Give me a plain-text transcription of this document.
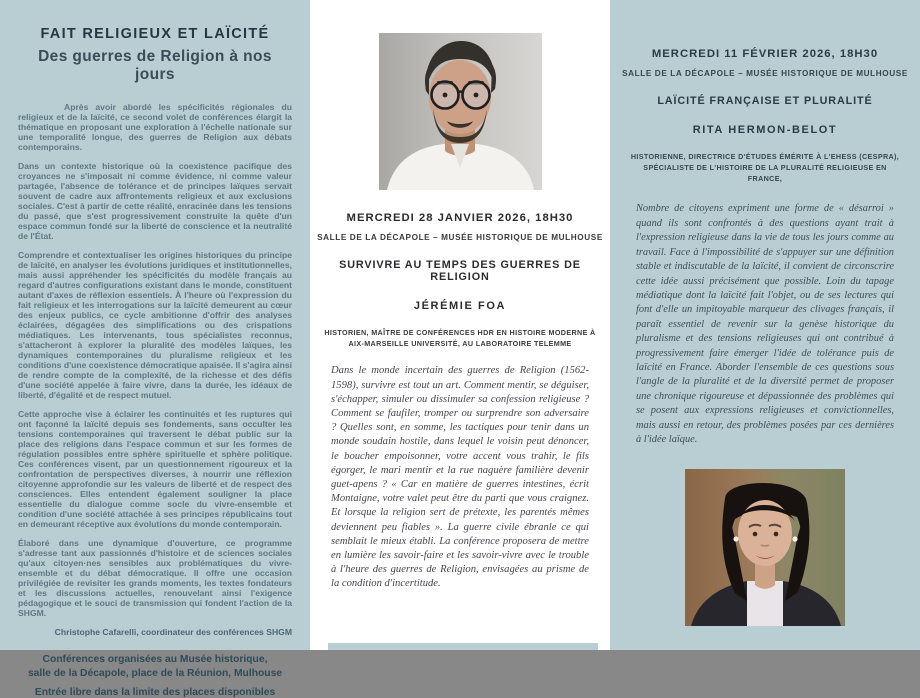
FAIT RELIGIEUX ET LAÏCITÉ
Des guerres de Religion à nos jours

Après avoir abordé les spécificités régionales du religieux et de la laïcité, ce second volet de conférences élargit la thématique en proposant une exploration à l'échelle nationale sur une temporalité longue, des guerres de Religion aux débats contemporains.

Dans un contexte historique où la coexistence pacifique des croyances ne s'imposait ni comme évidence, ni comme valeur partagée, l'absence de tolérance et de principes laïques servait souvent de cadre aux affrontements religieux et aux exclusions sociales. C'est à partir de cette réalité, enracinée dans les tensions du passé, que s'est progressivement construite la quête d'un espace commun fondé sur la liberté de conscience et la neutralité de l'État.

Comprendre et contextualiser les origines historiques du principe de laïcité, en analyser les évolutions juridiques et institutionnelles, mais aussi appréhender les spécificités du modèle français au regard d'autres configurations existant dans le monde, constituent autant d'axes de réflexion essentiels. À l'heure où l'expression du fait religieux et les interrogations sur la laïcité demeurent au cœur des enjeux publics, ce cycle ambitionne d'offrir des analyses éclairées, dégagées des simplifications ou des crispations médiatiques. Les intervenants, tous spécialistes reconnus, s'attacheront à explorer la pluralité des modèles laïques, les dynamiques contemporaines du pluralisme religieux et les conditions d'une coexistence démocratique apaisée. Il s'agira ainsi de rendre compte de la complexité, de la richesse et des défis d'une société appelée à faire vivre, dans la durée, les idéaux de liberté, d'égalité et de respect mutuel.

Cette approche vise à éclairer les continuités et les ruptures qui ont façonné la laïcité depuis ses fondements, sans occulter les tensions contemporaines qui traversent le débat public sur la place des religions dans l'espace commun et sur les formes de régulation possibles entre sphère spirituelle et sphère politique. Ces conférences visent, par un questionnement rigoureux et la confrontation de perspectives diverses, à nourrir une réflexion citoyenne approfondie sur les valeurs de liberté et de respect des consciences. Elles entendent également souligner la place essentielle du dialogue comme socle du vivre-ensemble et condition d'une société attachée à ses principes républicains tout en demeurant réceptive aux évolutions du monde contemporain.

Élaboré dans une dynamique d'ouverture, ce programme s'adresse tant aux passionnés d'histoire et de sciences sociales qu'aux citoyen·nes sensibles aux problématiques du vivre-ensemble et du débat démocratique. Il offre une occasion privilégiée de revisiter les grands moments, les textes fondateurs et les discussions actuelles, renouvelant ainsi l'exigence pédagogique et le souci de transmission qui fondent l'action de la SHGM.

Christophe Cafarelli, coordinateur des conférences SHGM
Conférences organisées au Musée historique,
salle de la Décapole, place de la Réunion, Mulhouse
Entrée libre dans la limite des places disponibles
MERCREDI 28 JANVIER 2026, 18H30
SALLE DE LA DÉCAPOLE – MUSÉE HISTORIQUE DE MULHOUSE
SURVIVRE AU TEMPS DES GUERRES DE RELIGION
JÉRÉMIE FOA
HISTORIEN, MAÎTRE DE CONFÉRENCES HDR EN HISTOIRE MODERNE À AIX-MARSEILLE UNIVERSITÉ, AU LABORATOIRE TELEMME
Dans le monde incertain des guerres de Religion (1562-1598), survivre est tout un art. Comment mentir, se déguiser, s'échapper, simuler ou dissimuler sa confession religieuse ? Comment se faufiler, tromper ou surprendre son adversaire ? Quelles sont, en somme, les tactiques pour tenir dans un monde soudain hostile, dans lequel le voisin peut dénoncer, le boucher empoisonner, votre accent vous trahir, le fils égorger, le mari mentir et la rue naguère familière devenir guet-apens ? « Car en matière de guerres intestines, écrit Montaigne, votre valet peut être du parti que vous craignez. Et lorsque la religion sert de prétexte, les parentés mêmes deviennent peu fiables ». La guerre civile ébranle ce qui semblait le mieux établi. La conférence proposera de mettre en lumière les savoir-faire et les savoir-vivre avec le trouble à l'heure des guerres de Religion, envisagées au prisme de la condition d'incertitude.
MERCREDI 11 FÉVRIER 2026, 18H30
SALLE DE LA DÉCAPOLE – MUSÉE HISTORIQUE DE MULHOUSE
LAÏCITÉ FRANÇAISE ET PLURALITÉ
RITA HERMON-BELOT
HISTORIENNE, DIRECTRICE D'ÉTUDES ÉMÉRITE À L'EHESS (CESPRA), SPÉCIALISTE DE L'HISTOIRE DE LA PLURALITÉ RELIGIEUSE EN FRANCE,
Nombre de citoyens expriment une forme de « désarroi » quand ils sont confrontés à des questions ayant trait à l'expression religieuse dans la vie de tous les jours comme au travail. Face à l'impossibilité de s'appuyer sur une définition stable et indiscutable de la laïcité, il convient de circonscrire cette idée aussi précisément que possible. Loin du tapage médiatique dont la laïcité fait l'objet, ou de ses lectures qui font d'elle un impitoyable marqueur des clivages français, il paraît essentiel de revenir sur la genèse historique du pluralisme et des tensions religieuses qui ont contribué à progressivement faire émerger l'idée de tolérance puis de laïcité en France. Aborder l'ensemble de ces questions sous l'angle de la pluralité et de la diversité permet de proposer une chronique rigoureuse et dépassionnée des problèmes qui se posent aux expressions religieuses et convictionnelles, mais aussi en retour, des problèmes posées par ces dernières à l'idée laïque.
